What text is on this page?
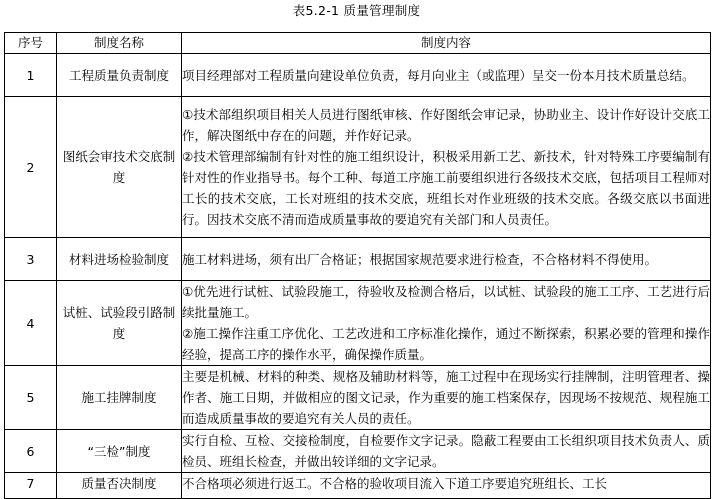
表5.2-1 质量管理制度
序号	制度名称	制度内容
1	工程质量负责制度	项目经理部对工程质量向建设单位负责，每月向业主（或监理）呈交一份本月技术质量总结。

2	图纸会审技术交底制度	①技术部组织项目相关人员进行图纸审核、作好图纸会审记录，协助业主、设计作好设计交底工作，解决图纸中存在的问题，并作好记录。
②技术管理部编制有针对性的施工组织设计，积极采用新工艺、新技术，针对特殊工序要编制有针对性的作业指导书。每个工种、每道工序施工前要组织进行各级技术交底，包括项目工程师对工长的技术交底，工长对班组的技术交底，班组长对作业班级的技术交底。各级交底以书面进行。因技术交底不清而造成质量事故的要追究有关部门和人员责任。

3	材料进场检验制度	施工材料进场，须有出厂合格证；根据国家规范要求进行检查，不合格材料不得使用。

4	试桩、试验段引路制度	①优先进行试桩、试验段施工，待验收及检测合格后，以试桩、试验段的施工工序、工艺进行后续批量施工。
②施工操作注重工序优化、工艺改进和工序标准化操作，通过不断探索，积累必要的管理和操作经验，提高工序的操作水平，确保操作质量。

5	施工挂牌制度	主要是机械、材料的种类、规格及辅助材料等，施工过程中在现场实行挂牌制，注明管理者、操作者、施工日期，并做相应的图文记录，作为重要的施工档案保存，因现场不按规范、规程施工而造成质量事故的要追究有关人员的责任。

6	“三检”制度	实行自检、互检、交接检制度，自检要作文字记录。隐蔽工程要由工长组织项目技术负责人、质检员、班组长检查，并做出较详细的文字记录。

7	质量否决制度	不合格项必须进行返工。不合格的验收项目流入下道工序要追究班组长、工长
